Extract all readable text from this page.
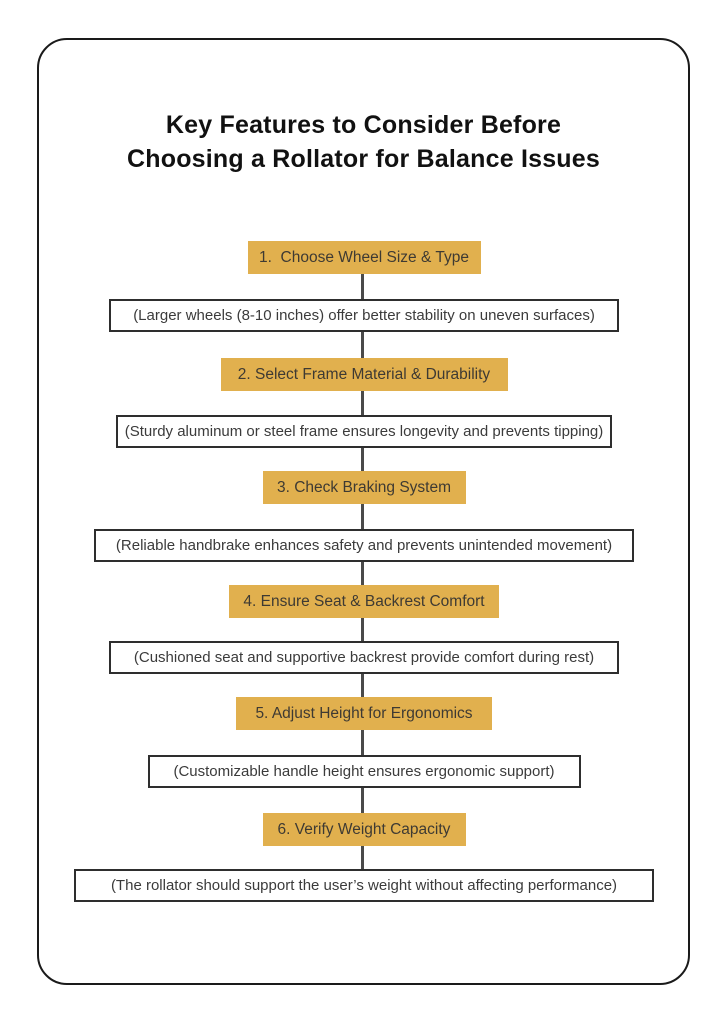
Key Features to Consider Before
Choosing a Rollator for Balance Issues
1.  Choose Wheel Size & Type
(Larger wheels (8-10 inches) offer better stability on uneven surfaces)
2. Select Frame Material & Durability
(Sturdy aluminum or steel frame ensures longevity and prevents tipping)
3. Check Braking System
(Reliable handbrake enhances safety and prevents unintended movement)
4. Ensure Seat & Backrest Comfort
(Cushioned seat and supportive backrest provide comfort during rest)
5. Adjust Height for Ergonomics
(Customizable handle height ensures ergonomic support)
6. Verify Weight Capacity
(The rollator should support the user’s weight without affecting performance)
